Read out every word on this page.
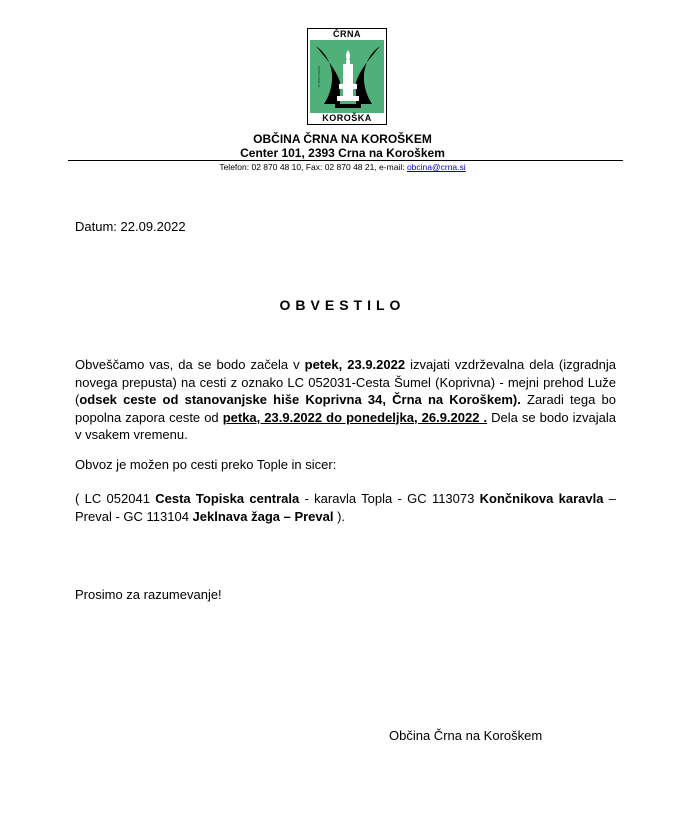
ČRNA
www.crna.si
KOROŠKA
OBČINA ČRNA NA KOROŠKEM
Center 101, 2393 Crna na Koroškem
Telefon: 02 870 48 10, Fax: 02 870 48 21, e-mail: obcina@crna.si
Datum: 22.09.2022
OBVESTILO
Obveščamo vas, da se bodo začela v petek, 23.9.2022 izvajati vzdrževalna dela (izgradnja novega prepusta) na cesti z oznako LC 052031-Cesta Šumel (Koprivna) - mejni prehod Luže (odsek ceste od stanovanjske hiše Koprivna 34, Črna na Koroškem). Zaradi tega bo popolna zapora ceste od petka, 23.9.2022 do ponedeljka, 26.9.2022 . Dela se bodo izvajala v vsakem vremenu.
Obvoz je možen po cesti preko Tople in sicer:
( LC 052041 Cesta Topiska centrala - karavla Topla - GC 113073 Končnikova karavla – Preval - GC 113104 Jeklnava žaga – Preval ).
Prosimo za razumevanje!
Občina Črna na Koroškem
